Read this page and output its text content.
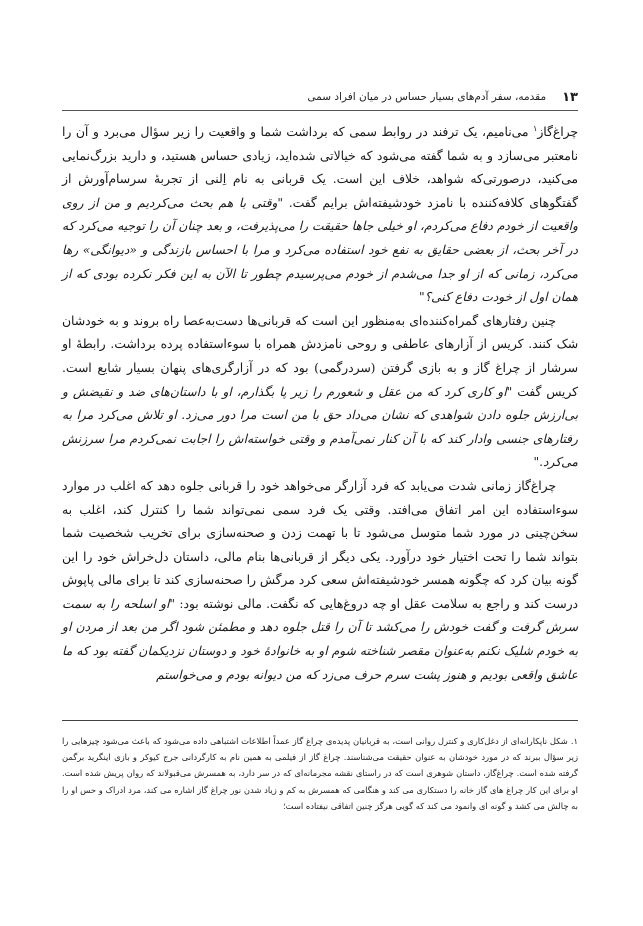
۱۳
مقدمه، سفر آدم‌های بسیار حساس در میان افراد سمی

چراغ‌گاز$^۱$ می‌نامیم، یک ترفند در روابط سمی که برداشت شما و واقعیت را زیر سؤال می‌برد و آن را نامعتبر می‌سازد و به شما گفته می‌شود که خیالاتی شده‌اید، زیادی حساس هستید، و دارید بزرگ‌نمایی می‌کنید، درصورتی‌که شواهد، خلاف این است. یک قربانی به نام اِلنی از تجربهٔ سرسام‌آورش از گفتگوهای کلافه‌کننده با نامزد خودشیفته‌اش برایم گفت. "وقتی با هم بحث می‌کردیم و من از روی واقعیت از خودم دفاع می‌کردم، او خیلی جاها حقیقت را می‌پذیرفت، و بعد چنان آن را توجیه می‌کرد که در آخر بحث، از بعضی حقایق به نفع خود استفاده می‌کرد و مرا با احساس بازندگی و «دیوانگی» رها می‌کرد، زمانی که از او جدا می‌شدم از خودم می‌پرسیدم چطور تا الآن به این فکر نکرده بودی که از همان اول از خودت دفاع کنی؟"

چنین رفتارهای گمراه‌کننده‌ای به‌منظور این است که قربانی‌ها دست‌به‌عصا راه بروند و به خودشان شک کنند. کریس از آزارهای عاطفی و روحی نامزدش همراه با سوءاستفاده پرده برداشت. رابطهٔ او سرشار از چراغ گاز و به بازی گرفتن (سردرگمی) بود که در آزارگری‌های پنهان بسیار شایع است. کریس گفت "او کاری کرد که من عقل و شعورم را زیر پا بگذارم، او با داستان‌های ضد و نقیضش و بی‌ارزش جلوه دادن شواهدی که نشان می‌داد حق با من است مرا دور می‌زد. او تلاش می‌کرد مرا به رفتارهای جنسی وادار کند که با آن کنار نمی‌آمدم و وقتی خواسته‌اش را اجابت نمی‌کردم مرا سرزنش می‌کرد."

چراغ‌گاز زمانی شدت می‌یابد که فرد آزارگر می‌خواهد خود را قربانی جلوه دهد که اغلب در موارد سوءاستفاده این امر اتفاق می‌افتد. وقتی یک فرد سمی نمی‌تواند شما را کنترل کند، اغلب به سخن‌چینی در مورد شما متوسل می‌شود تا با تهمت زدن و صحنه‌سازی برای تخریب شخصیت شما بتواند شما را تحت اختیار خود درآورد. یکی دیگر از قربانی‌ها بنام مالی، داستان دل‌خراش خود را این گونه بیان کرد که چگونه همسر خودشیفته‌اش سعی کرد مرگش را صحنه‌سازی کند تا برای مالی پاپوش درست کند و راجع به سلامت عقل او چه دروغ‌هایی که نگفت. مالی نوشته بود: "او اسلحه را به سمت سرش گرفت و گفت خودش را می‌کشد تا آن را قتل جلوه دهد و مطمئن شود اگر من بعد از مردن او به خودم شلیک نکنم به‌عنوان مقصر شناخته شوم او به خانوادهٔ خود و دوستان نزدیکمان گفته بود که ما عاشق واقعی بودیم و هنوز پشت سرم حرف می‌زد که من دیوانه بودم و می‌خواستم

۱.شکل ناپکارانه‌ای از دغل‌کاری و کنترل روانی است، به قربانیان پدیده‌ی چراغ گاز عمداً اطلاعات اشتباهی داده می‌شود که باعث می‌شود چیزهایی را زیر سؤال ببرند که در مورد خودشان به عنوان حقیقت می‌شناسند. چراغ گاز از فیلمی به همین نام به کارگردانی جرج کیوکر و بازی اینگرید برگمن گرفته شده است. چراغ‌گاز، داستان شوهری است که در راستای نقشه مجرمانه‌ای که در سر دارد، به همسرش می‌قبولاند که روان پریش شده است. او برای این کار چراغ های گاز خانه را دستکاری می کند و هنگامی که همسرش به کم و زیاد شدن نور چراغ گاز اشاره می کند، مرد ادراک و حس او را به چالش می کشد و گونه ای وانمود می کند که گویی هرگز چنین اتفاقی نیفتاده است؛
